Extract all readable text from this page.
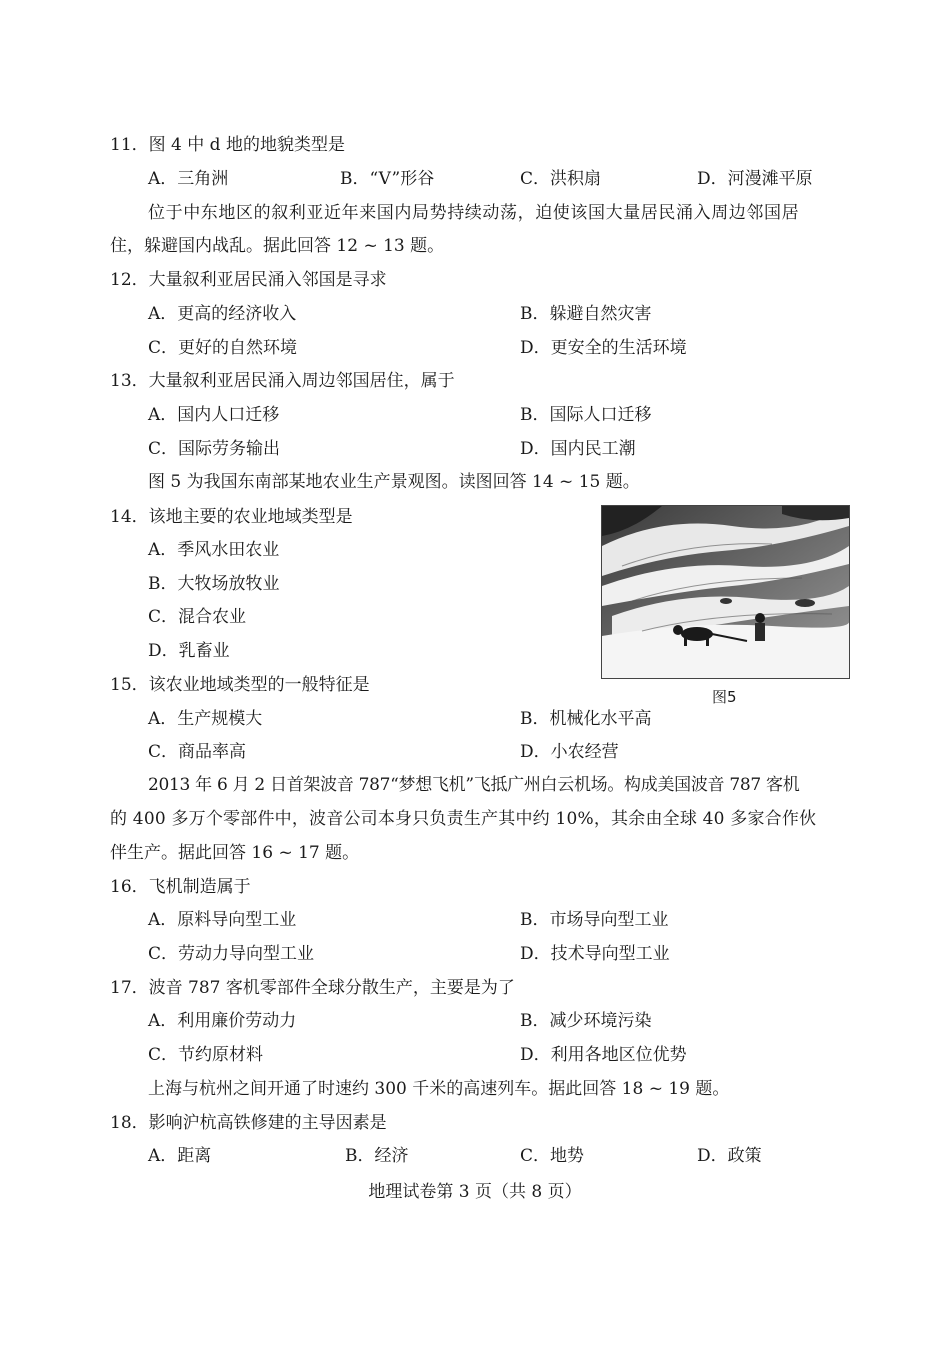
11．图 4 中 d 地的地貌类型是
A．三角洲	B．“V”形谷	C．洪积扇	D．河漫滩平原
位于中东地区的叙利亚近年来国内局势持续动荡，迫使该国大量居民涌入周边邻国居
住，躲避国内战乱。据此回答 12 ~ 13 题。
12．大量叙利亚居民涌入邻国是寻求
A．更高的经济收入	B．躲避自然灾害
C．更好的自然环境	D．更安全的生活环境
13．大量叙利亚居民涌入周边邻国居住，属于
A．国内人口迁移	B．国际人口迁移
C．国际劳务输出	D．国内民工潮
图 5 为我国东南部某地农业生产景观图。读图回答 14 ~ 15 题。
14．该地主要的农业地域类型是
A．季风水田农业
B．大牧场放牧业
C．混合农业
D．乳畜业
图5
15．该农业地域类型的一般特征是
A．生产规模大	B．机械化水平高
C．商品率高	D．小农经营
2013 年 6 月 2 日首架波音 787“梦想飞机”飞抵广州白云机场。构成美国波音 787 客机
的 400 多万个零部件中，波音公司本身只负责生产其中约 10%，其余由全球 40 多家合作伙
伴生产。据此回答 16 ~ 17 题。
16．飞机制造属于
A．原料导向型工业	B．市场导向型工业
C．劳动力导向型工业	D．技术导向型工业
17．波音 787 客机零部件全球分散生产，主要是为了
A．利用廉价劳动力	B．减少环境污染
C．节约原材料	D．利用各地区位优势
上海与杭州之间开通了时速约 300 千米的高速列车。据此回答 18 ~ 19 题。
18．影响沪杭高铁修建的主导因素是
A．距离	B．经济	C．地势	D．政策
地理试卷第 3 页（共 8 页）
